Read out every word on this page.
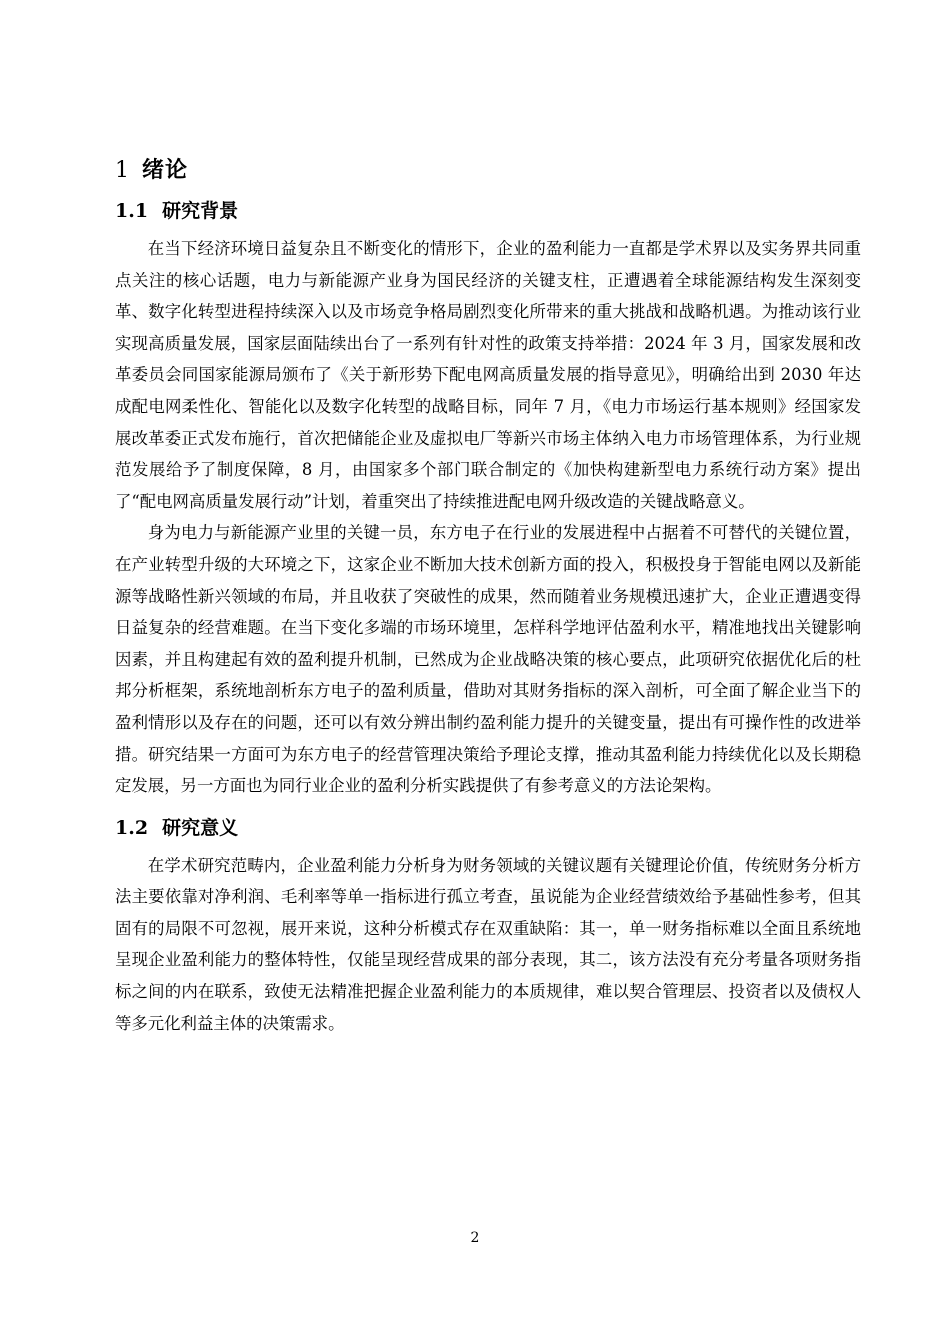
1 绪论
1.1 研究背景

在当下经济环境日益复杂且不断变化的情形下，企业的盈利能力一直都是学术界以及实务界共同重点关注的核心话题，电力与新能源产业身为国民经济的关键支柱，正遭遇着全球能源结构发生深刻变革、数字化转型进程持续深入以及市场竞争格局剧烈变化所带来的重大挑战和战略机遇。为推动该行业实现高质量发展，国家层面陆续出台了一系列有针对性的政策支持举措：2024 年 3 月，国家发展和改革委员会同国家能源局颁布了《关于新形势下配电网高质量发展的指导意见》，明确给出到 2030 年达成配电网柔性化、智能化以及数字化转型的战略目标，同年 7 月，《电力市场运行基本规则》经国家发展改革委正式发布施行，首次把储能企业及虚拟电厂等新兴市场主体纳入电力市场管理体系，为行业规范发展给予了制度保障，8 月，由国家多个部门联合制定的《加快构建新型电力系统行动方案》提出了“配电网高质量发展行动”计划，着重突出了持续推进配电网升级改造的关键战略意义。

身为电力与新能源产业里的关键一员，东方电子在行业的发展进程中占据着不可替代的关键位置，在产业转型升级的大环境之下，这家企业不断加大技术创新方面的投入，积极投身于智能电网以及新能源等战略性新兴领域的布局，并且收获了突破性的成果，然而随着业务规模迅速扩大，企业正遭遇变得日益复杂的经营难题。在当下变化多端的市场环境里，怎样科学地评估盈利水平，精准地找出关键影响因素，并且构建起有效的盈利提升机制，已然成为企业战略决策的核心要点，此项研究依据优化后的杜邦分析框架，系统地剖析东方电子的盈利质量，借助对其财务指标的深入剖析，可全面了解企业当下的盈利情形以及存在的问题，还可以有效分辨出制约盈利能力提升的关键变量，提出有可操作性的改进举措。研究结果一方面可为东方电子的经营管理决策给予理论支撑，推动其盈利能力持续优化以及长期稳定发展，另一方面也为同行业企业的盈利分析实践提供了有参考意义的方法论架构。

1.2 研究意义

在学术研究范畴内，企业盈利能力分析身为财务领域的关键议题有关键理论价值，传统财务分析方法主要依靠对净利润、毛利率等单一指标进行孤立考查，虽说能为企业经营绩效给予基础性参考，但其固有的局限不可忽视，展开来说，这种分析模式存在双重缺陷：其一，单一财务指标难以全面且系统地呈现企业盈利能力的整体特性，仅能呈现经营成果的部分表现，其二，该方法没有充分考量各项财务指标之间的内在联系，致使无法精准把握企业盈利能力的本质规律，难以契合管理层、投资者以及债权人等多元化利益主体的决策需求。

2
